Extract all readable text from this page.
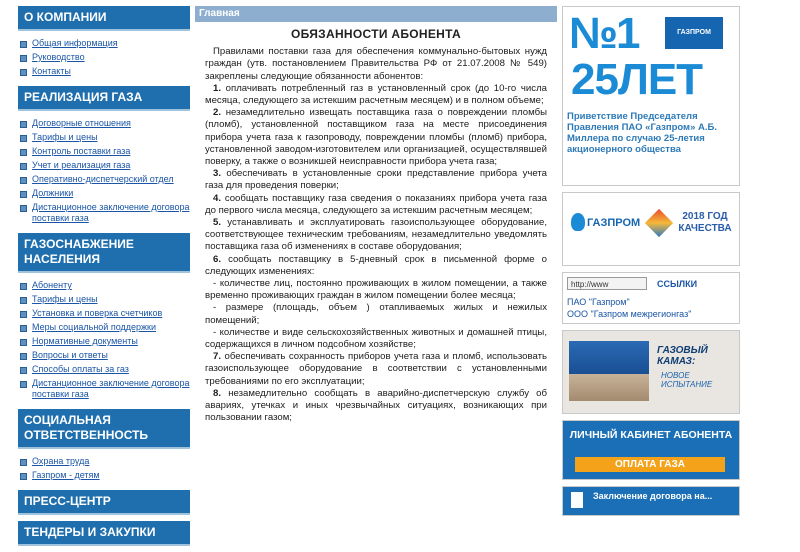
О КОМПАНИИ
Общая информация
Руководство
Контакты
РЕАЛИЗАЦИЯ ГАЗА
Договорные отношения
Тарифы и цены
Контроль поставки газа
Учет и реализация газа
Оперативно-диспетчерский отдел
Должники
Дистанционное заключение договора поставки газа
ГАЗОСНАБЖЕНИЕ НАСЕЛЕНИЯ
Абоненту
Тарифы и цены
Установка и поверка счетчиков
Меры социальной поддержки
Нормативные документы
Вопросы и ответы
Способы оплаты за газ
Дистанционное заключение договора поставки газа
СОЦИАЛЬНАЯ ОТВЕТСТВЕННОСТЬ
Охрана труда
Газпром - детям
ПРЕСС-ЦЕНТР
ТЕНДЕРЫ И ЗАКУПКИ
Главная
ОБЯЗАННОСТИ АБОНЕНТА

Правилами поставки газа для обеспечения коммунально-бытовых нужд граждан (утв. постановлением Правительства РФ от 21.07.2008 № 549) закреплены следующие обязанности абонентов:

1. оплачивать потребленный газ в установленный срок (до 10-го числа месяца, следующего за истекшим расчетным месяцем) и в полном объеме;

2. незамедлительно извещать поставщика газа о повреждении пломбы (пломб), установленной поставщиком газа на месте присоединения прибора учета газа к газопроводу, повреждении пломбы (пломб) прибора, установленной заводом-изготовителем или организацией, осуществлявшей поверку, а также о возникшей неисправности прибора учета газа;

3. обеспечивать в установленные сроки представление прибора учета газа для проведения поверки;

4. сообщать поставщику газа сведения о показаниях прибора учета газа до первого числа месяца, следующего за истекшим расчетным месяцем;

5. устанавливать и эксплуатировать газоиспользующее оборудование, соответствующее техническим требованиям, незамедлительно уведомлять поставщика газа об изменениях в составе оборудования;

6. сообщать поставщику в 5-дневный срок в письменной форме о следующих изменениях:

- количестве лиц, постоянно проживающих в жилом помещении, а также временно проживающих граждан в жилом помещении более месяца;

- размере (площадь, объем ) отапливаемых жилых и нежилых помещений;

- количестве и виде сельскохозяйственных животных и домашней птицы, содержащихся в личном подсобном хозяйстве;

7. обеспечивать сохранность приборов учета газа и пломб, использовать газоиспользующее оборудование в соответствии с установленными требованиями по его эксплуатации;

8. незамедлительно сообщать в аварийно-диспетчерскую службу об авариях, утечках и иных чрезвычайных ситуациях, возникающих при пользовании газом;

№1	ГАЗПРОМ
25ЛЕТ
Приветствие Председателя Правления ПАО «Газпром» А.Б. Миллера по случаю 25-летия акционерного общества
ГАЗПРОМ
2018 ГОД КАЧЕСТВА
http://www	ССЫЛКИ
ПАО "Газпром"
ООО "Газпром межрегионгаз"
ГАЗОВЫЙ КАМАЗ:
НОВОЕ ИСПЫТАНИЕ
ЛИЧНЫЙ КАБИНЕТ АБОНЕНТА
ОПЛАТА ГАЗА
Заключение договора на...
